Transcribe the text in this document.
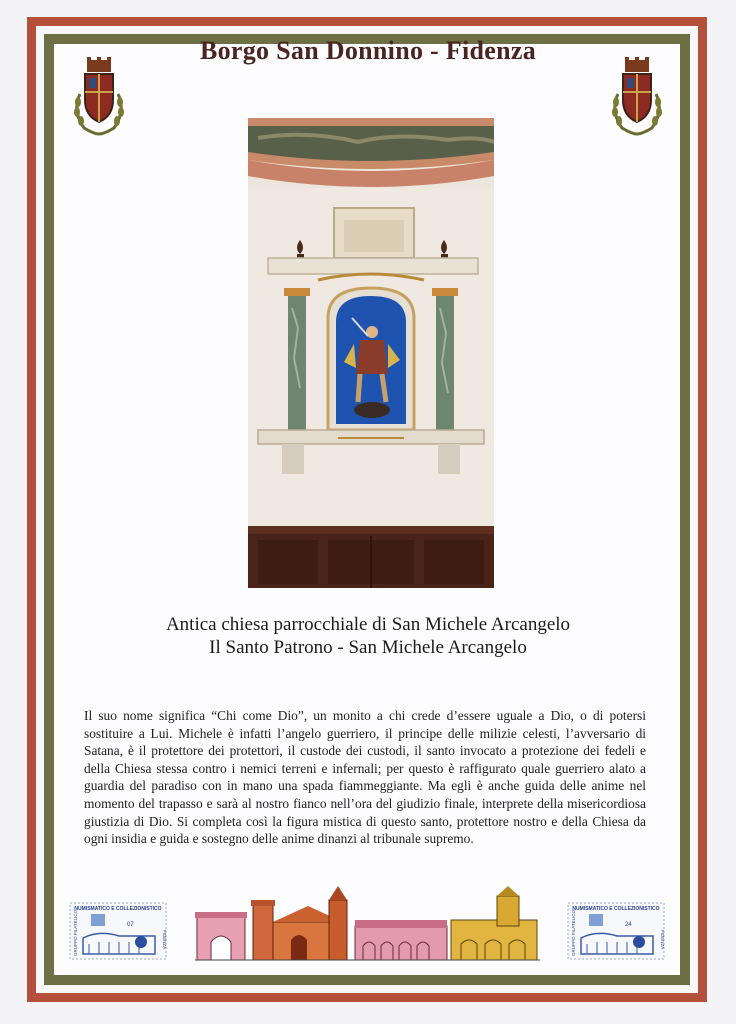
Borgo San Donnino - Fidenza
Antica chiesa parrocchiale di San Michele Arcangelo
Il Santo Patrono - San Michele Arcangelo
Il suo nome significa “Chi come Dio”, un monito a chi crede d’essere uguale a Dio, o di potersi sostituire a Lui. Michele è infatti l’angelo guerriero, il principe delle milizie celesti, l’avversario di Satana, è il protettore dei protettori, il custode dei custodi, il santo invocato a protezione dei fedeli e della Chiesa stessa contro i nemici terreni e infernali; per questo è raffigurato quale guerriero alato a guardia del paradiso con in mano una spada fiammeggiante. Ma egli è anche guida delle anime nel momento del trapasso e sarà al nostro fianco nell’ora del giudizio finale, interprete della misericordiosa giustizia di Dio. Si completa così la figura mistica di questo santo, protettore nostro e della Chiesa da ogni insidia e guida e sostegno delle anime dinanzi al tribunale supremo.
NUMISMATICO E COLLEZIONISTICO
GRUPPO FILATELICO	FIDENZA
07
NUMISMATICO E COLLEZIONISTICO
GRUPPO FILATELICO	FIDENZA
24
